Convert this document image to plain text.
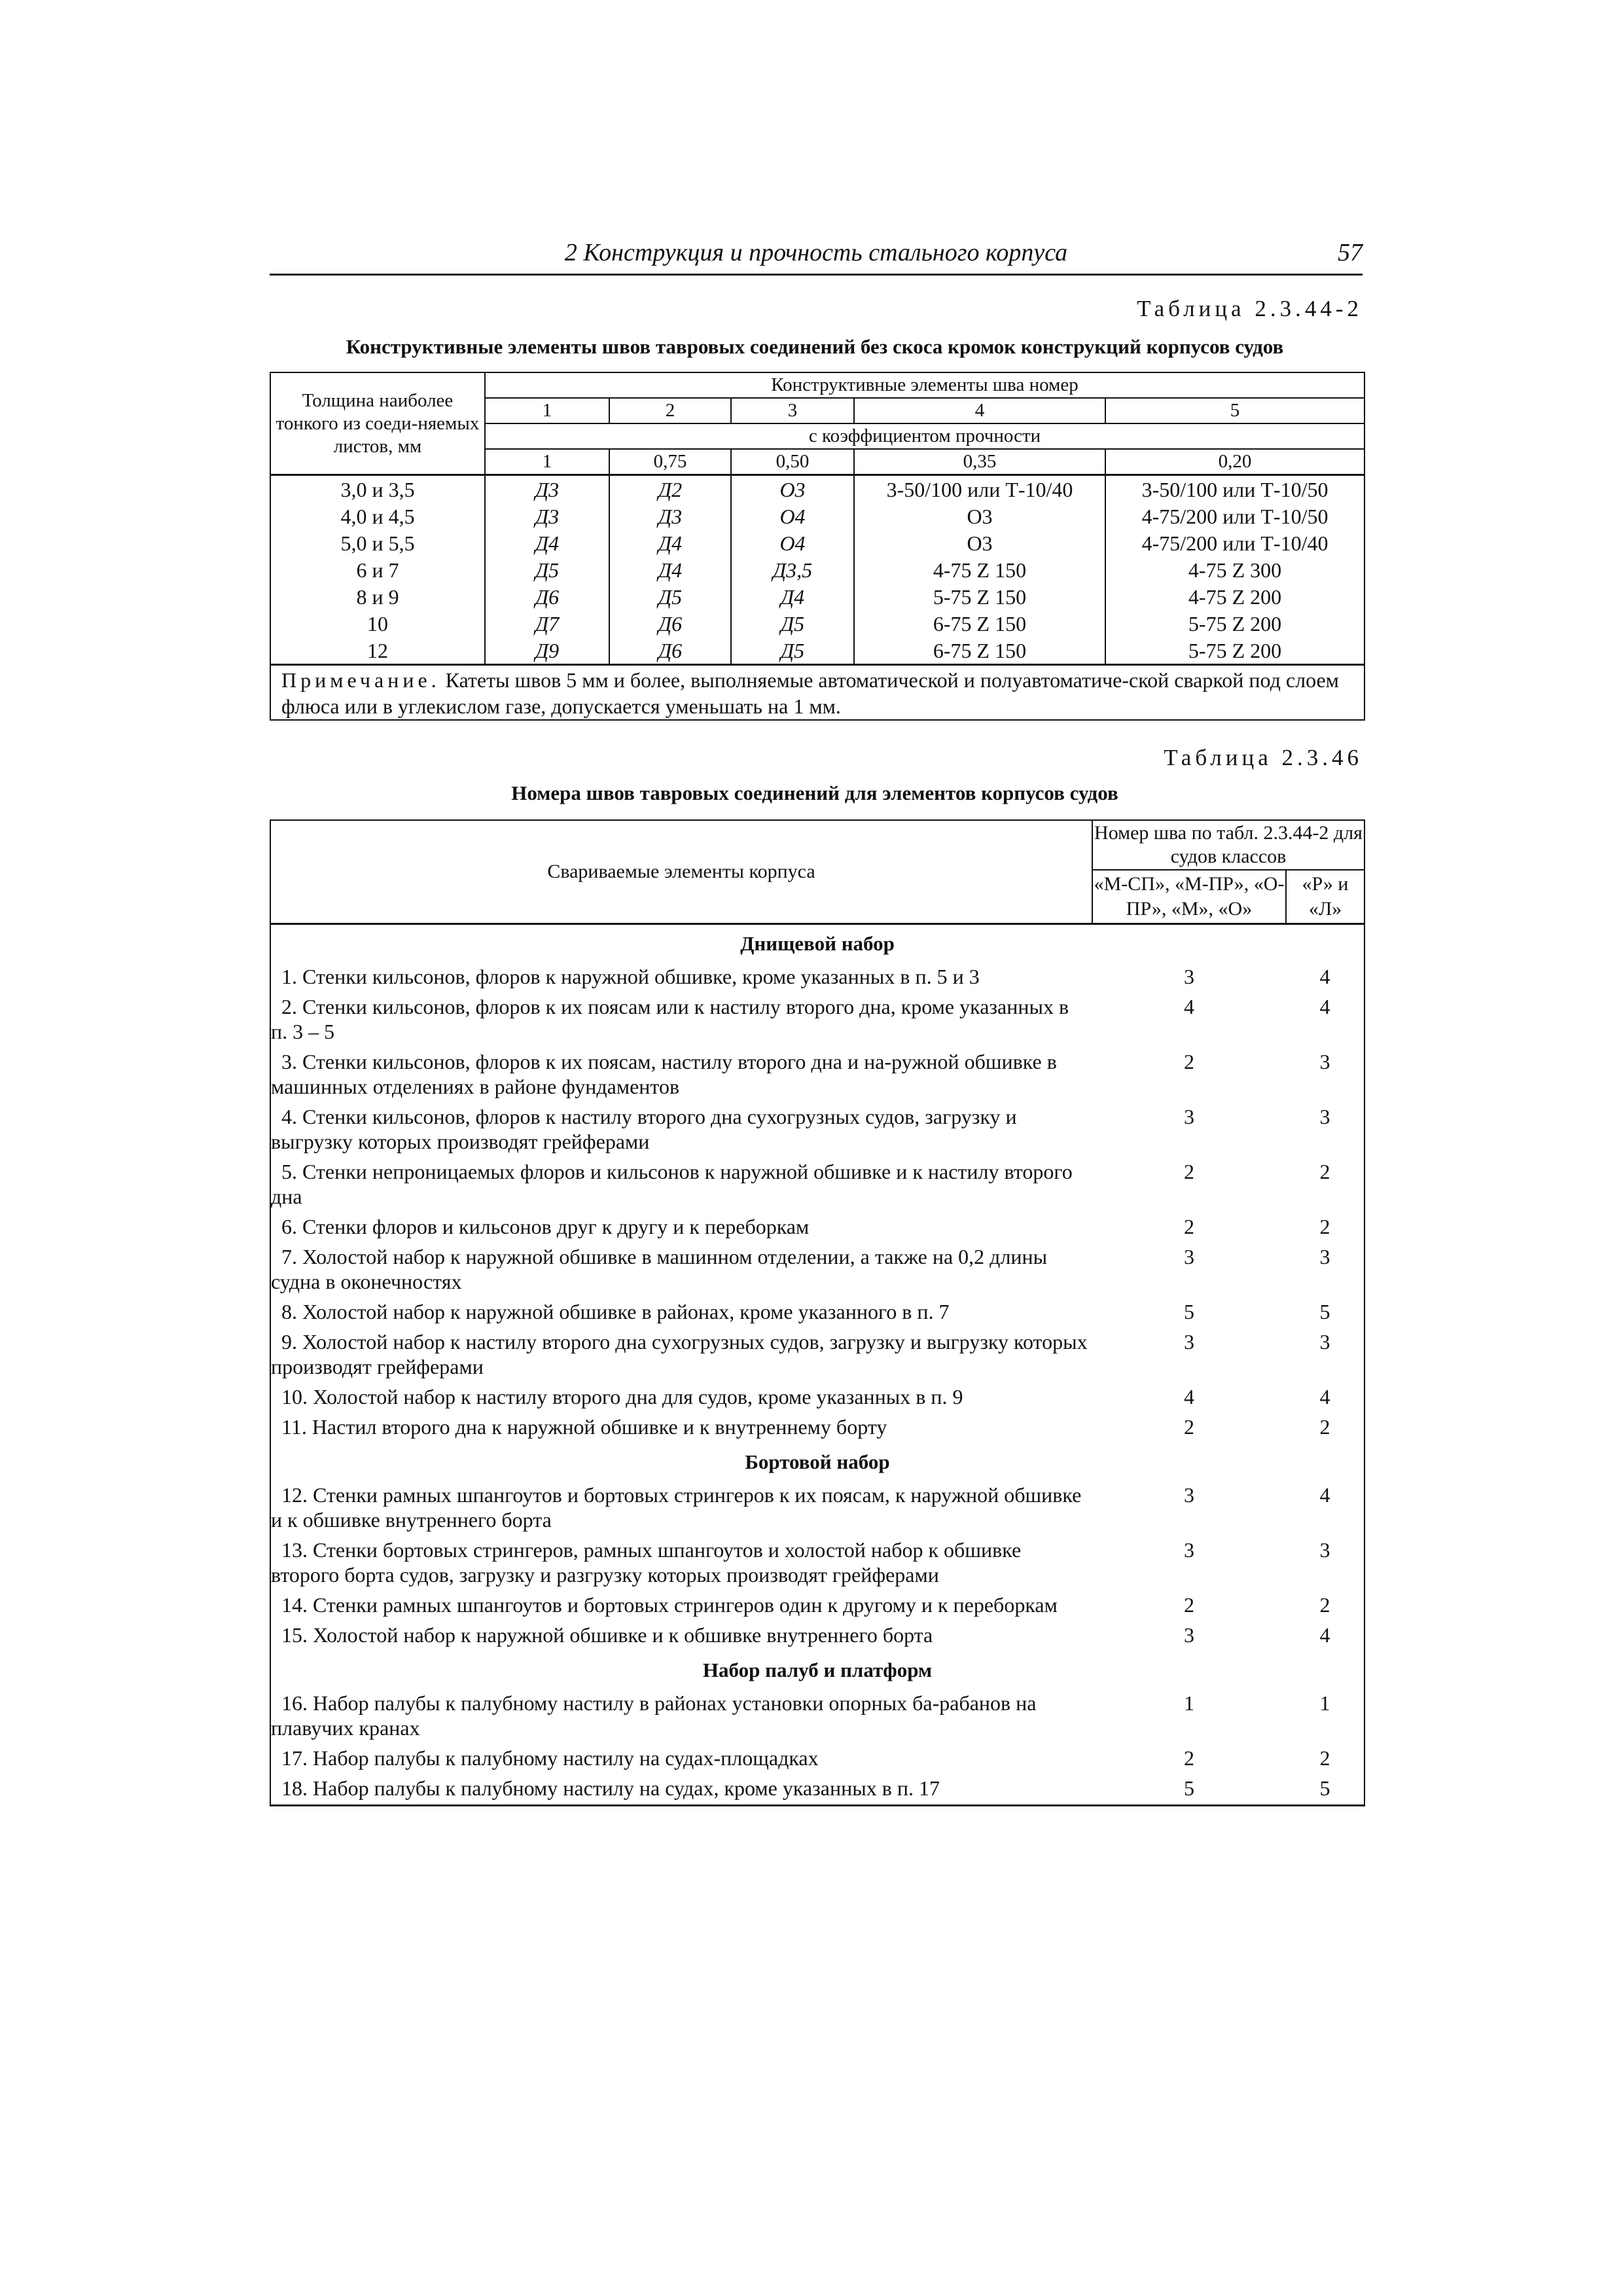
2 Конструкция и прочность стального корпуса	57
Таблица 2.3.44-2
Конструктивные элементы швов тавровых соединений без скоса кромок конструкций корпусов судов
Толщина наиболее тонкого из соеди-няемых листов, мм	Конструктивные элементы шва номер				
	1	2	3	4	5
	с коэффициентом прочности				
	1	0,75	0,50	0,35	0,20
3,0 и 3,5	Д3	Д2	О3	3-50/100 или Т-10/40	3-50/100 или Т-10/50
4,0 и 4,5	Д3	Д3	О4	О3	4-75/200 или Т-10/50
5,0 и 5,5	Д4	Д4	О4	О3	4-75/200 или Т-10/40
6 и 7	Д5	Д4	Д3,5	4-75 Z 150	4-75 Z 300
8 и 9	Д6	Д5	Д4	5-75 Z 150	4-75 Z 200
10	Д7	Д6	Д5	6-75 Z 150	5-75 Z 200
12	Д9	Д6	Д5	6-75 Z 150	5-75 Z 200
Примечание. Катеты швов 5 мм и более, выполняемые автоматической и полуавтоматиче-ской сваркой под слоем флюса или в углекислом газе, допускается уменьшать на 1 мм.					
Таблица 2.3.46
Номера швов тавровых соединений для элементов корпусов судов
Свариваемые элементы корпуса	Номер шва по табл. 2.3.44-2 для судов классов	
	«М-СП», «М-ПР», «О-ПР», «М», «О»	«Р» и «Л»
Днищевой набор		

1. Стенки кильсонов, флоров к наружной обшивке, кроме указанных в п. 5 и 3	3	4

2. Стенки кильсонов, флоров к их поясам или к настилу второго дна, кроме указанных в п. 3 – 5	4	4

3. Стенки кильсонов, флоров к их поясам, настилу второго дна и на-ружной обшивке в машинных отделениях в районе фундаментов	2	3

4. Стенки кильсонов, флоров к настилу второго дна сухогрузных судов, загрузку и выгрузку которых производят грейферами	3	3

5. Стенки непроницаемых флоров и кильсонов к наружной обшивке и к настилу второго дна	2	2

6. Стенки флоров и кильсонов друг к другу и к переборкам	2	2

7. Холостой набор к наружной обшивке в машинном отделении, а также на 0,2 длины судна в оконечностях	3	3

8. Холостой набор к наружной обшивке в районах, кроме указанного в п. 7	5	5

9. Холостой набор к настилу второго дна сухогрузных судов, загрузку и выгрузку которых производят грейферами	3	3

10. Холостой набор к настилу второго дна для судов, кроме указанных в п. 9	4	4

11. Настил второго дна к наружной обшивке и к внутреннему борту	2	2
Бортовой набор		

12. Стенки рамных шпангоутов и бортовых стрингеров к их поясам, к наружной обшивке и к обшивке внутреннего борта	3	4

13. Стенки бортовых стрингеров, рамных шпангоутов и холостой набор к обшивке второго борта судов, загрузку и разгрузку которых производят грейферами	3	3

14. Стенки рамных шпангоутов и бортовых стрингеров один к другому и к переборкам	2	2

15. Холостой набор к наружной обшивке и к обшивке внутреннего борта	3	4
Набор палуб и платформ		

16. Набор палубы к палубному настилу в районах установки опорных ба-рабанов на плавучих кранах	1	1

17. Набор палубы к палубному настилу на судах-площадках	2	2

18. Набор палубы к палубному настилу на судах, кроме указанных в п. 17	5	5
